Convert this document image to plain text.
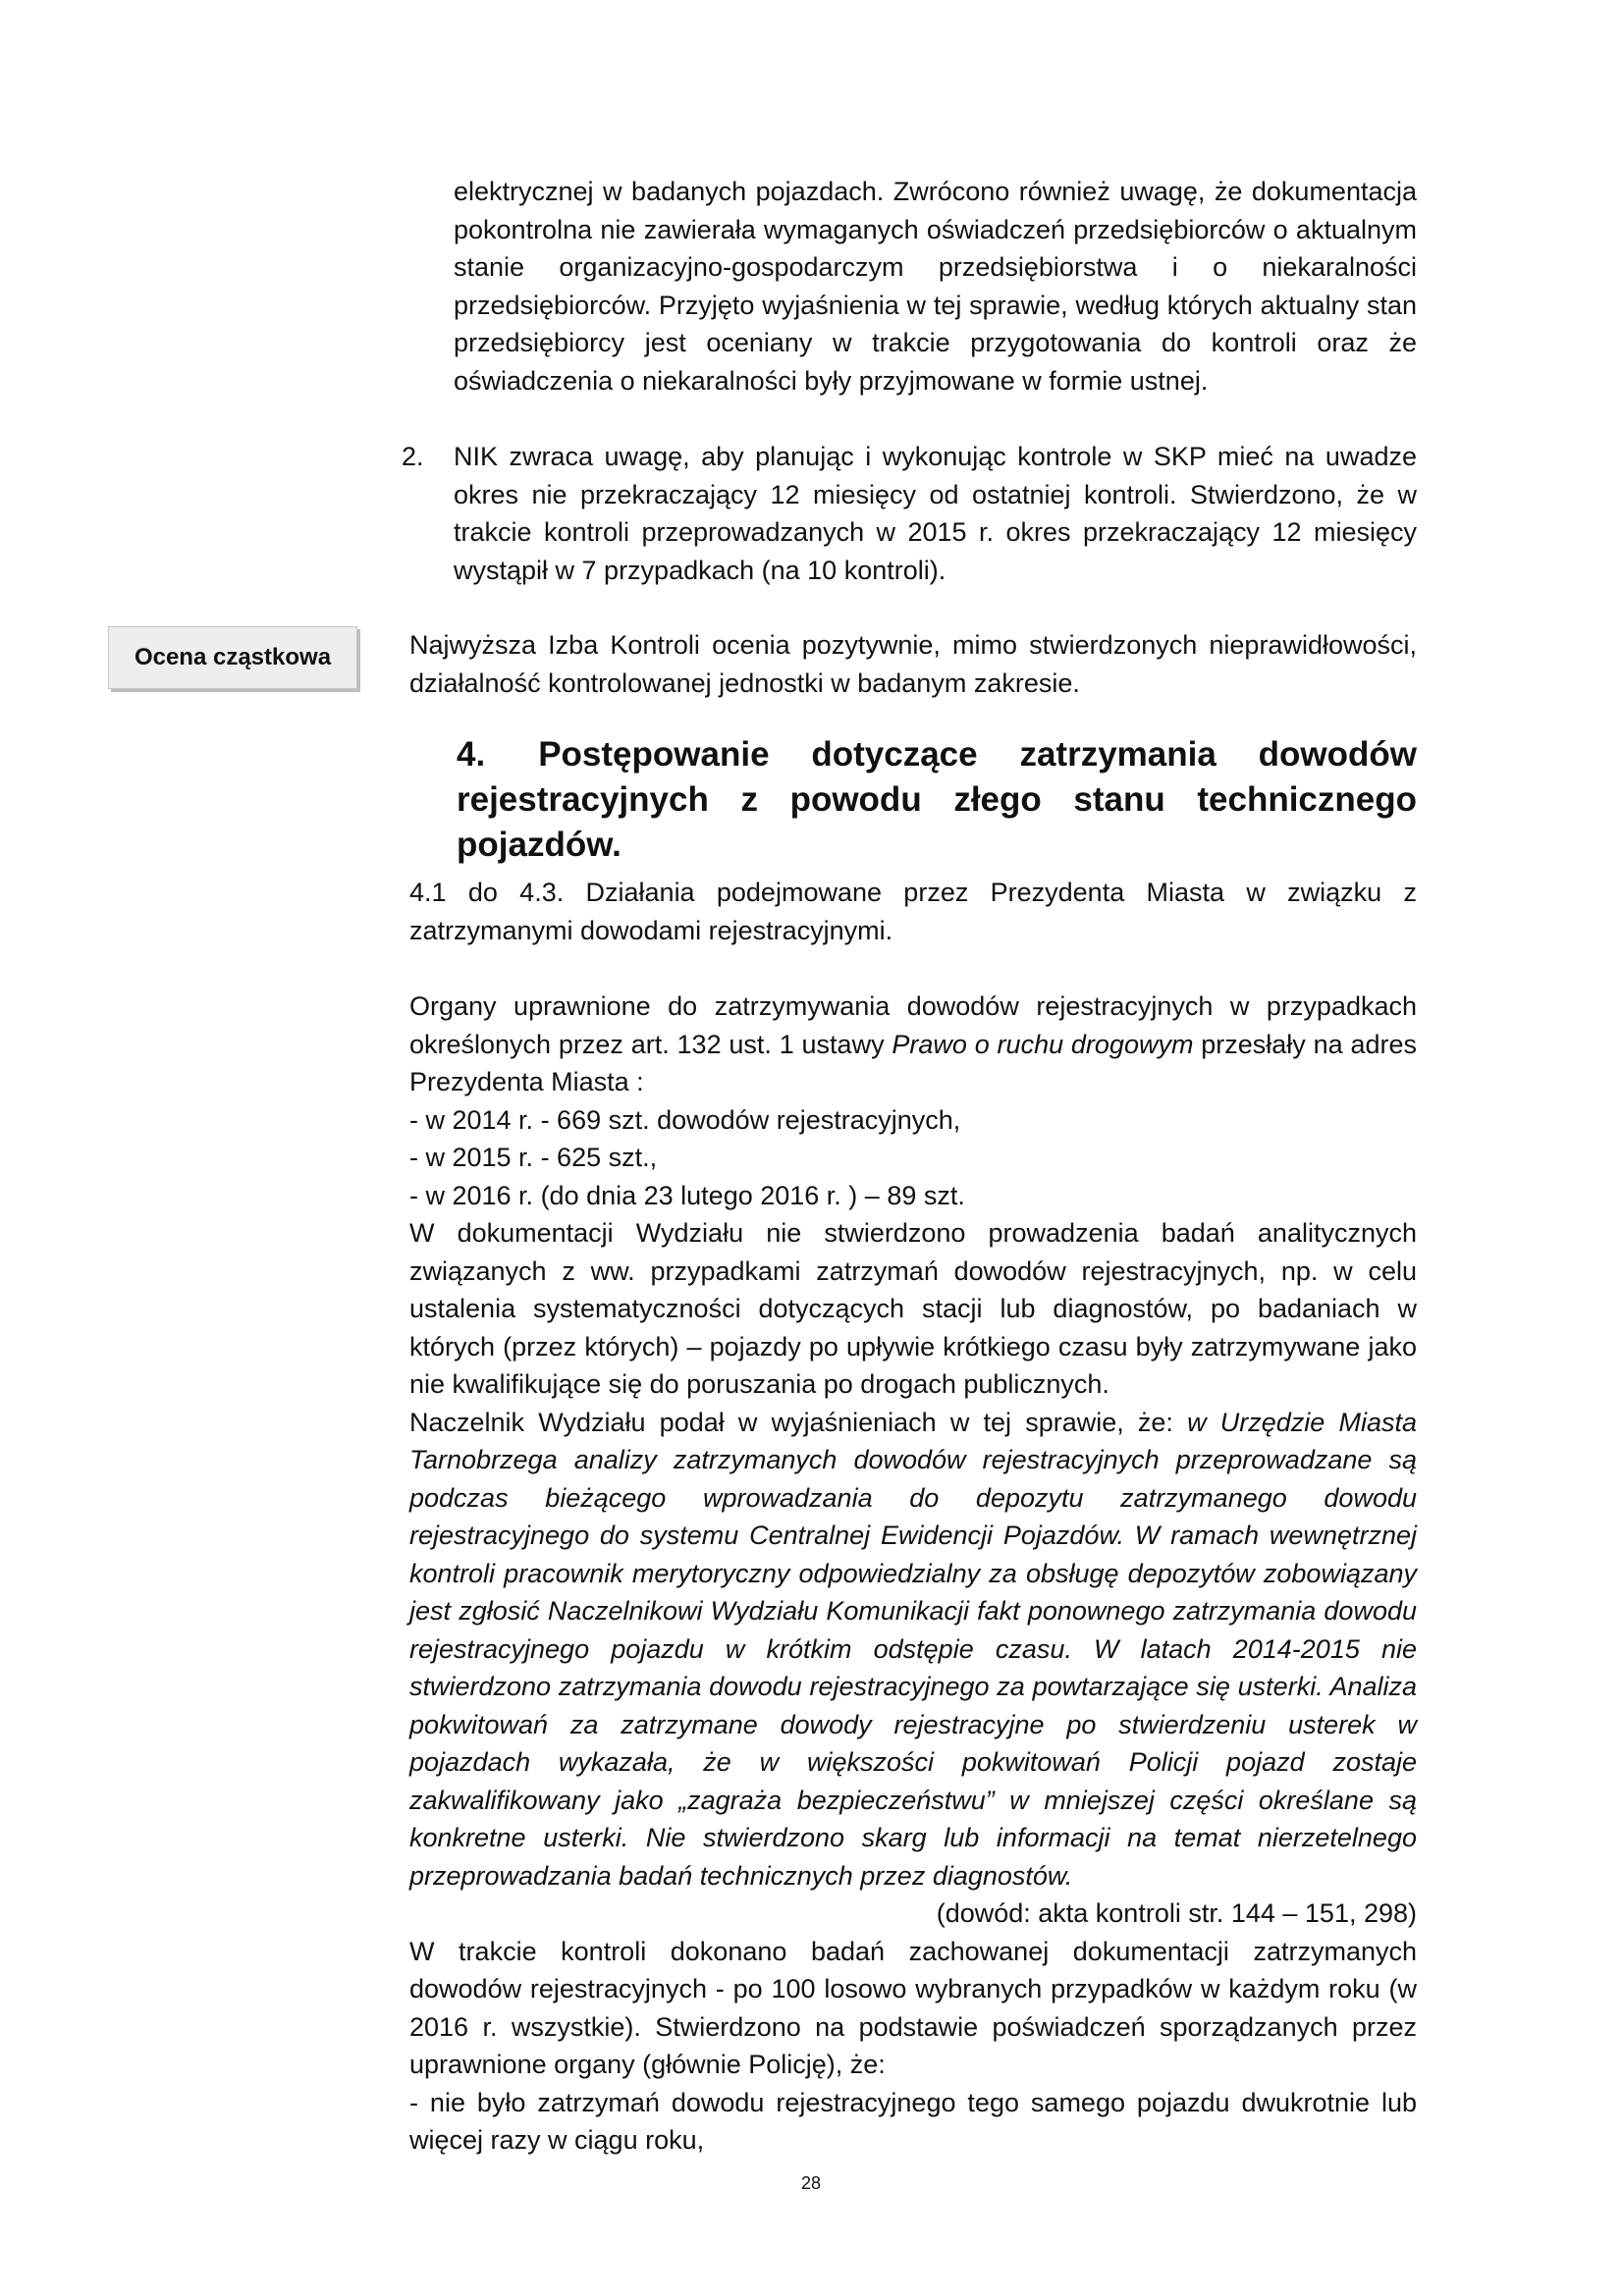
elektrycznej w badanych pojazdach. Zwrócono również uwagę, że dokumentacja pokontrolna nie zawierała wymaganych oświadczeń przedsiębiorców o aktualnym stanie organizacyjno-gospodarczym przedsiębiorstwa i o niekaralności przedsiębiorców. Przyjęto wyjaśnienia w tej sprawie, według których aktualny stan przedsiębiorcy jest oceniany w trakcie przygotowania do kontroli oraz że oświadczenia o niekaralności były przyjmowane w formie ustnej.

2.	NIK zwraca uwagę, aby planując i wykonując kontrole w SKP mieć na uwadze okres nie przekraczający 12 miesięcy od ostatniej kontroli. Stwierdzono, że w trakcie kontroli przeprowadzanych w 2015 r. okres przekraczający 12 miesięcy wystąpił w 7 przypadkach (na 10 kontroli).
Ocena cząstkowa	Najwyższa Izba Kontroli ocenia pozytywnie, mimo stwierdzonych nieprawidłowości, działalność kontrolowanej jednostki w badanym zakresie.

4. Postępowanie dotyczące zatrzymania dowodów rejestracyjnych z powodu złego stanu technicznego pojazdów.

4.1 do 4.3. Działania podejmowane przez Prezydenta Miasta w związku z zatrzymanymi dowodami rejestracyjnymi.

Organy uprawnione do zatrzymywania dowodów rejestracyjnych w przypadkach określonych przez art. 132 ust. 1 ustawy Prawo o ruchu drogowym przesłały na adres Prezydenta Miasta :

- w 2014 r. - 669 szt. dowodów rejestracyjnych,
- w 2015 r. - 625 szt.,
- w 2016 r. (do dnia 23 lutego 2016 r. ) – 89 szt.

W dokumentacji Wydziału nie stwierdzono prowadzenia badań analitycznych związanych z ww. przypadkami zatrzymań dowodów rejestracyjnych, np. w celu ustalenia systematyczności dotyczących stacji lub diagnostów, po badaniach w których (przez których) – pojazdy po upływie krótkiego czasu były zatrzymywane jako nie kwalifikujące się do poruszania po drogach publicznych.

Naczelnik Wydziału podał w wyjaśnieniach w tej sprawie, że: w Urzędzie Miasta Tarnobrzega analizy zatrzymanych dowodów rejestracyjnych przeprowadzane są podczas bieżącego wprowadzania do depozytu zatrzymanego dowodu rejestracyjnego do systemu Centralnej Ewidencji Pojazdów. W ramach wewnętrznej kontroli pracownik merytoryczny odpowiedzialny za obsługę depozytów zobowiązany jest zgłosić Naczelnikowi Wydziału Komunikacji fakt ponownego zatrzymania dowodu rejestracyjnego pojazdu w krótkim odstępie czasu. W latach 2014-2015 nie stwierdzono zatrzymania dowodu rejestracyjnego za powtarzające się usterki. Analiza pokwitowań za zatrzymane dowody rejestracyjne po stwierdzeniu usterek w pojazdach wykazała, że w większości pokwitowań Policji pojazd zostaje zakwalifikowany jako „zagraża bezpieczeństwu” w mniejszej części określane są konkretne usterki. Nie stwierdzono skarg lub informacji na temat nierzetelnego przeprowadzania badań technicznych przez diagnostów.

(dowód: akta kontroli str. 144 – 151, 298)

W trakcie kontroli dokonano badań zachowanej dokumentacji zatrzymanych dowodów rejestracyjnych - po 100 losowo wybranych przypadków w każdym roku (w 2016 r. wszystkie). Stwierdzono na podstawie poświadczeń sporządzanych przez uprawnione organy (głównie Policję), że:

- nie było zatrzymań dowodu rejestracyjnego tego samego pojazdu dwukrotnie lub więcej razy w ciągu roku,

28
